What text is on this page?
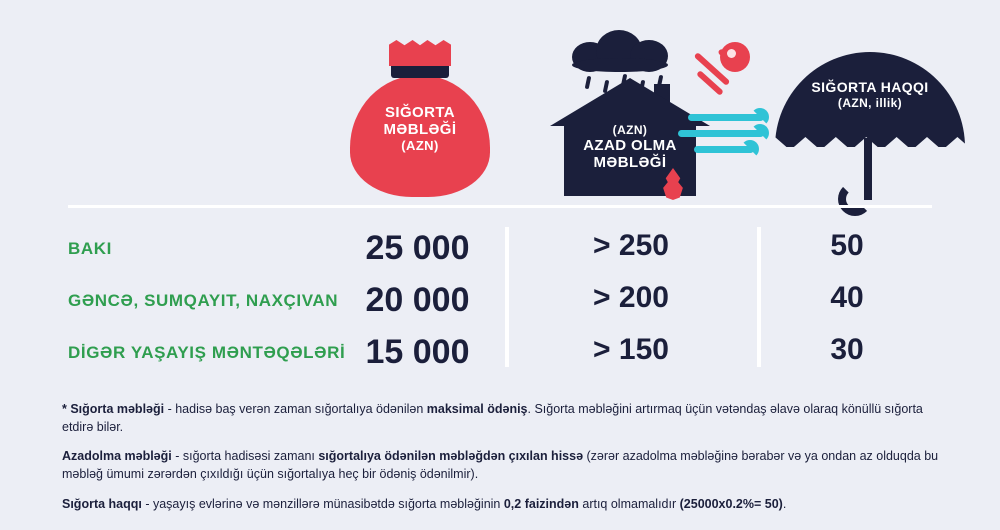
SIĞORTA
MƏBLƏĞİ
(AZN)
(AZN)
AZAD OLMA
MƏBLƏĞİ
SIĞORTA HAQQI
(AZN, illik)
BAKI	25 000	> 250	50
GƏNCƏ, SUMQAYIT, NAXÇIVAN 20 000	> 200	40
DİGƏR YAŞAYIŞ MƏNTƏQƏLƏRİ 15 000	> 150	30

* Sığorta məbləği - hadisə baş verən zaman sığortalıya ödənilən maksimal ödəniş. Sığorta məbləğini artırmaq üçün vətəndaş əlavə olaraq könüllü sığorta etdirə bilər.

Azadolma məbləği - sığorta hadisəsi zamanı sığortalıya ödənilən məbləğdən çıxılan hissə (zərər azadolma məbləğinə bərabər və ya ondan az olduqda bu məbləğ ümumi zərərdən çıxıldığı üçün sığortalıya heç bir ödəniş ödənilmir).

Sığorta haqqı - yaşayış evlərinə və mənzillərə münasibətdə sığorta məbləğinin 0,2 faizindən artıq olmamalıdır (25000x0.2%= 50).
